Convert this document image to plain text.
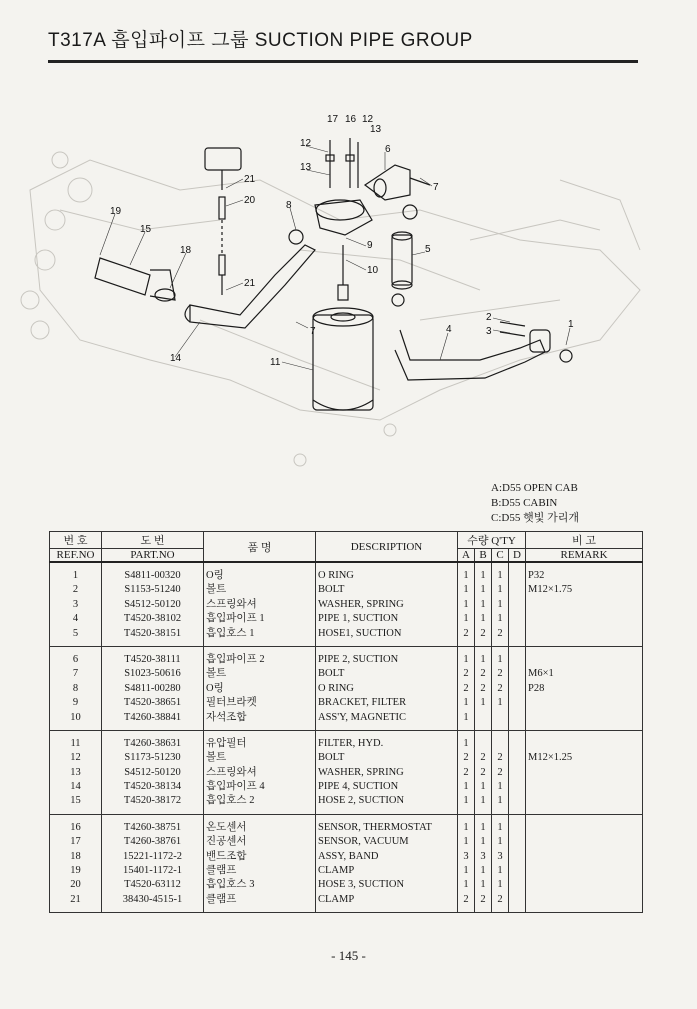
T317A 흡입파이프 그룹 SUCTION PIPE GROUP
1
2
3
4
5
6
7
7
8
9
10
11
12
12
13
13
14
15
16
17
18
19
20
21
21
A:D55 OPEN CAB
B:D55 CABIN
C:D55 햇빛 가리개
번 호	도 번	품 명	DESCRIPTION	수량 Q'TY				비 고
REF.NO	PART.NO			A	B	C	D	REMARK
1	S4811-00320	O링	O RING	1	1	1		P32
2	S1153-51240	볼트	BOLT	1	1	1		M12×1.75
3	S4512-50120	스프링와셔	WASHER, SPRING	1	1	1		
4	T4520-38102	흡입파이프 1	PIPE 1, SUCTION	1	1	1		
5	T4520-38151	흡입호스 1	HOSE1, SUCTION	2	2	2		
6	T4520-38111	흡입파이프 2	PIPE 2, SUCTION	1	1	1		
7	S1023-50616	볼트	BOLT	2	2	2		M6×1
8	S4811-00280	O링	O RING	2	2	2		P28
9	T4520-38651	필터브라켓	BRACKET, FILTER	1	1	1		
10	T4260-38841	자석조합	ASS'Y, MAGNETIC	1				
11	T4260-38631	유압필터	FILTER, HYD.	1				
12	S1173-51230	볼트	BOLT	2	2	2		M12×1.25
13	S4512-50120	스프링와셔	WASHER, SPRING	2	2	2		
14	T4520-38134	흡입파이프 4	PIPE 4, SUCTION	1	1	1		
15	T4520-38172	흡입호스 2	HOSE 2, SUCTION	1	1	1		
16	T4260-38751	온도센서	SENSOR, THERMOSTAT	1	1	1		
17	T4260-38761	진공센서	SENSOR, VACUUM	1	1	1		
18	15221-1172-2	밴드조합	ASSY, BAND	3	3	3		
19	15401-1172-1	클램프	CLAMP	1	1	1		
20	T4520-63112	흡입호스 3	HOSE 3, SUCTION	1	1	1		
21	38430-4515-1	클램프	CLAMP	2	2	2		
- 145 -
